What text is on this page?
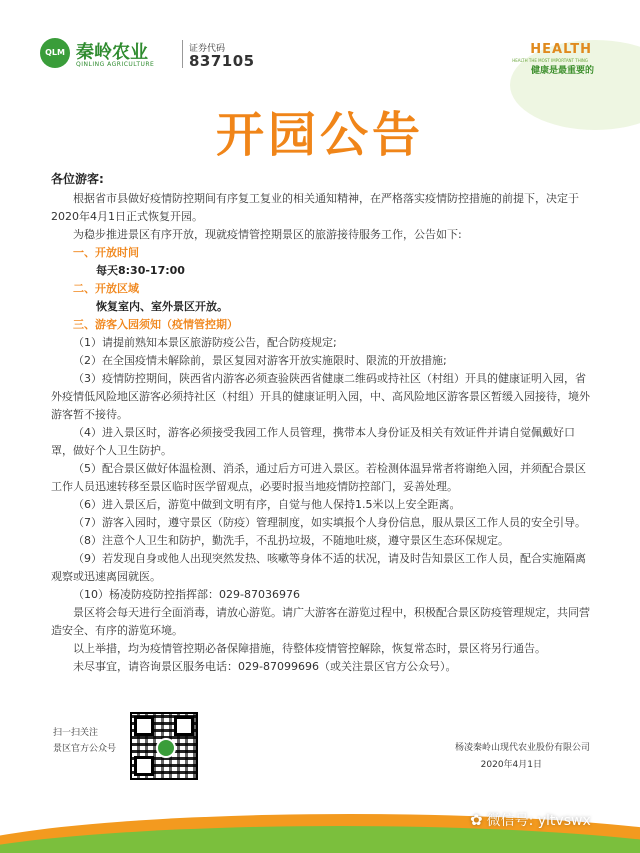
QLM 秦岭农业
QINLING AGRICULTURE
证券代码
837105
HEALTH
HEALTH THE MOST IMPORTANT THING
健康是最重要的
开园公告
各位游客:

根据省市县做好疫情防控期间有序复工复业的相关通知精神，在严格落实疫情防控措施的前提下，决定于2020年4月1日正式恢复开园。

为稳步推进景区有序开放，现就疫情管控期景区的旅游接待服务工作，公告如下:

一、开放时间
每天8:30-17:00
二、开放区域
恢复室内、室外景区开放。
三、游客入园须知（疫情管控期）

（1）请提前熟知本景区旅游防疫公告，配合防疫规定;

（2）在全国疫情未解除前，景区复园对游客开放实施限时、限流的开放措施;

（3）疫情防控期间，陕西省内游客必须查验陕西省健康二维码或持社区（村组）开具的健康证明入园，省外疫情低风险地区游客必须持社区（村组）开具的健康证明入园，中、高风险地区游客景区暂缓入园接待，境外游客暂不接待。

（4）进入景区时，游客必须接受我园工作人员管理，携带本人身份证及相关有效证件并请自觉佩戴好口罩，做好个人卫生防护。

（5）配合景区做好体温检测、消杀，通过后方可进入景区。若检测体温异常者将谢绝入园，并须配合景区工作人员迅速转移至景区临时医学留观点，必要时报当地疫情防控部门，妥善处理。

（6）进入景区后，游览中做到文明有序，自觉与他人保持1.5米以上安全距离。

（7）游客入园时，遵守景区（防疫）管理制度，如实填报个人身份信息，服从景区工作人员的安全引导。

（8）注意个人卫生和防护，勤洗手，不乱扔垃圾，不随地吐痰，遵守景区生态环保规定。

（9）若发现自身或他人出现突然发热、咳嗽等身体不适的状况，请及时告知景区工作人员，配合实施隔离观察或迅速离园就医。

（10）杨凌防疫防控指挥部：029-87036976

景区将会每天进行全面消毒，请放心游览。请广大游客在游览过程中，积极配合景区防疫管理规定，共同营造安全、有序的游览环境。

以上举措，均为疫情管控期必备保障措施，待整体疫情管控解除，恢复常态时，景区将另行通告。

未尽事宜，请咨询景区服务电话：029-87099696（或关注景区官方公众号）。

扫一扫关注
景区官方公众号	杨凌秦岭山现代农业股份有限公司
2020年4月1日
✿ 微信号: yltvswx
